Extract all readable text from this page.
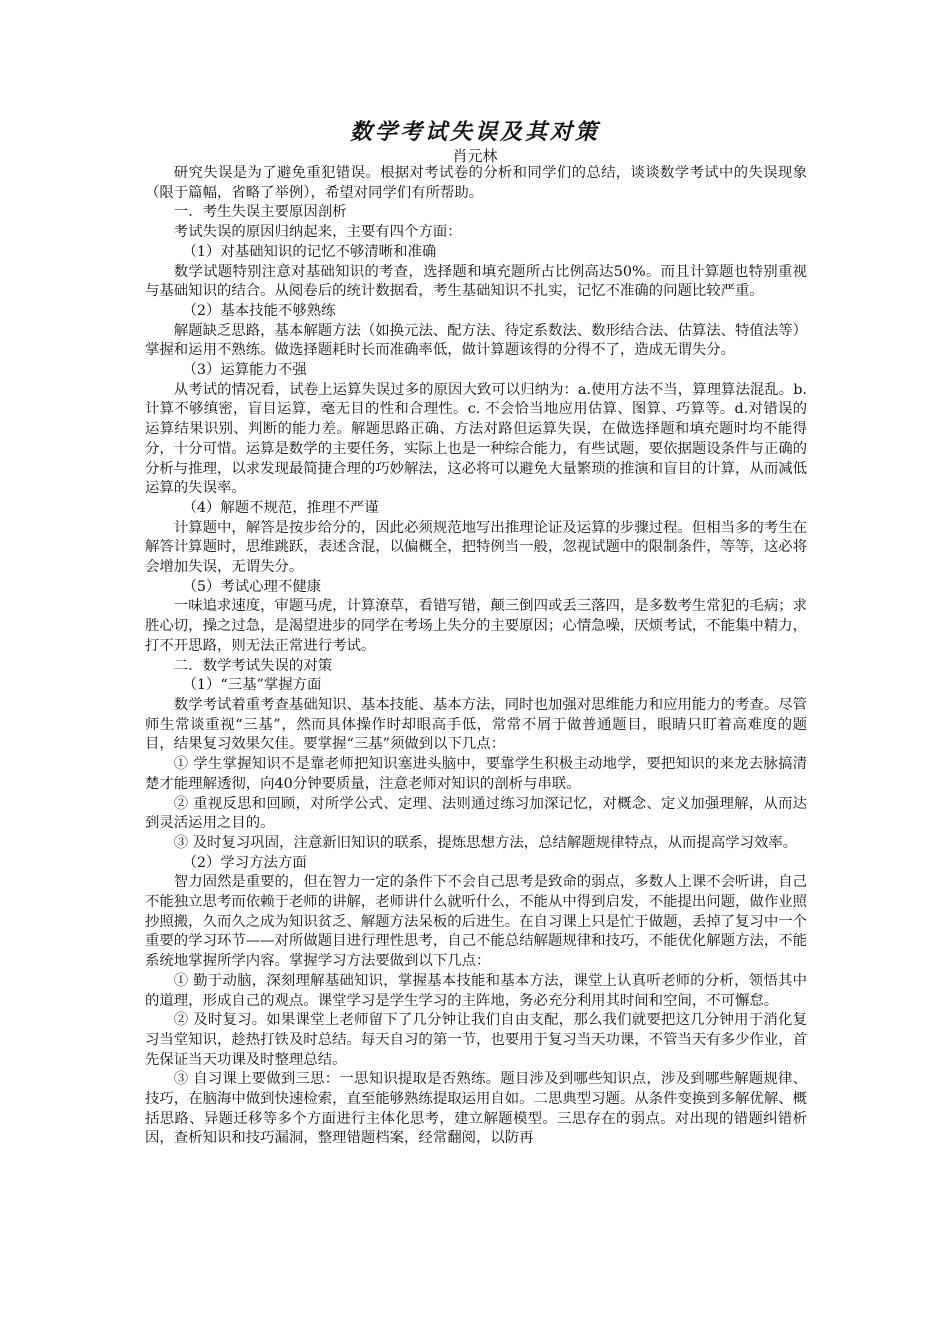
数学考试失误及其对策
肖元林

研究失误是为了避免重犯错误。根据对考试卷的分析和同学们的总结，谈谈数学考试中的失误现象（限于篇幅，省略了举例），希望对同学们有所帮助。

一．考生失误主要原因剖析

考试失误的原因归纳起来，主要有四个方面：

（1）对基础知识的记忆不够清晰和准确

数学试题特别注意对基础知识的考查，选择题和填充题所占比例高达50%。而且计算题也特别重视与基础知识的结合。从阅卷后的统计数据看，考生基础知识不扎实，记忆不准确的问题比较严重。

（2）基本技能不够熟练

解题缺乏思路，基本解题方法（如换元法、配方法、待定系数法、数形结合法、估算法、特值法等）掌握和运用不熟练。做选择题耗时长而准确率低，做计算题该得的分得不了，造成无谓失分。

（3）运算能力不强

从考试的情况看，试卷上运算失误过多的原因大致可以归纳为：a.使用方法不当，算理算法混乱。b.计算不够缜密，盲目运算，毫无目的性和合理性。c. 不会恰当地应用估算、图算、巧算等。d.对错误的运算结果识别、判断的能力差。解题思路正确、方法对路但运算失误，在做选择题和填充题时均不能得分，十分可惜。运算是数学的主要任务，实际上也是一种综合能力，有些试题，要依据题设条件与正确的分析与推理，以求发现最简捷合理的巧妙解法，这必将可以避免大量繁琐的推演和盲目的计算，从而减低运算的失误率。

（4）解题不规范，推理不严谨

计算题中，解答是按步给分的，因此必须规范地写出推理论证及运算的步骤过程。但相当多的考生在解答计算题时，思维跳跃，表述含混，以偏概全，把特例当一般，忽视试题中的限制条件，等等，这必将会增加失误，无谓失分。

（5）考试心理不健康

一味追求速度，审题马虎，计算潦草，看错写错，颠三倒四或丢三落四，是多数考生常犯的毛病；求胜心切，操之过急，是渴望进步的同学在考场上失分的主要原因；心情急噪，厌烦考试，不能集中精力，打不开思路，则无法正常进行考试。

二．数学考试失误的对策

（1）“三基”掌握方面

数学考试着重考查基础知识、基本技能、基本方法，同时也加强对思维能力和应用能力的考查。尽管师生常谈重视“三基”，然而具体操作时却眼高手低，常常不屑于做普通题目，眼睛只盯着高难度的题目，结果复习效果欠佳。要掌握“三基”须做到以下几点：

① 学生掌握知识不是靠老师把知识塞进头脑中，要靠学生积极主动地学，要把知识的来龙去脉搞清楚才能理解透彻，向40分钟要质量，注意老师对知识的剖析与串联。

② 重视反思和回顾，对所学公式、定理、法则通过练习加深记忆，对概念、定义加强理解，从而达到灵活运用之目的。

③ 及时复习巩固，注意新旧知识的联系，提炼思想方法，总结解题规律特点，从而提高学习效率。

（2）学习方法方面

智力固然是重要的，但在智力一定的条件下不会自己思考是致命的弱点，多数人上课不会听讲，自己不能独立思考而依赖于老师的讲解，老师讲什么就听什么，不能从中得到启发，不能提出问题，做作业照抄照搬，久而久之成为知识贫乏、解题方法呆板的后进生。在自习课上只是忙于做题，丢掉了复习中一个重要的学习环节——对所做题目进行理性思考，自己不能总结解题规律和技巧，不能优化解题方法，不能系统地掌握所学内容。掌握学习方法要做到以下几点：

① 勤于动脑，深刻理解基础知识，掌握基本技能和基本方法，课堂上认真听老师的分析，领悟其中的道理，形成自己的观点。课堂学习是学生学习的主阵地，务必充分利用其时间和空间，不可懈怠。

② 及时复习。如果课堂上老师留下了几分钟让我们自由支配，那么我们就要把这几分钟用于消化复习当堂知识，趁热打铁及时总结。每天自习的第一节，也要用于复习当天功课，不管当天有多少作业，首先保证当天功课及时整理总结。

③ 自习课上要做到三思：一思知识提取是否熟练。题目涉及到哪些知识点，涉及到哪些解题规律、技巧，在脑海中做到快速检索，直至能够熟练提取运用自如。二思典型习题。从条件变换到多解优解、概括思路、异题迁移等多个方面进行主体化思考，建立解题模型。三思存在的弱点。对出现的错题纠错析因，查析知识和技巧漏洞，整理错题档案，经常翻阅，以防再
